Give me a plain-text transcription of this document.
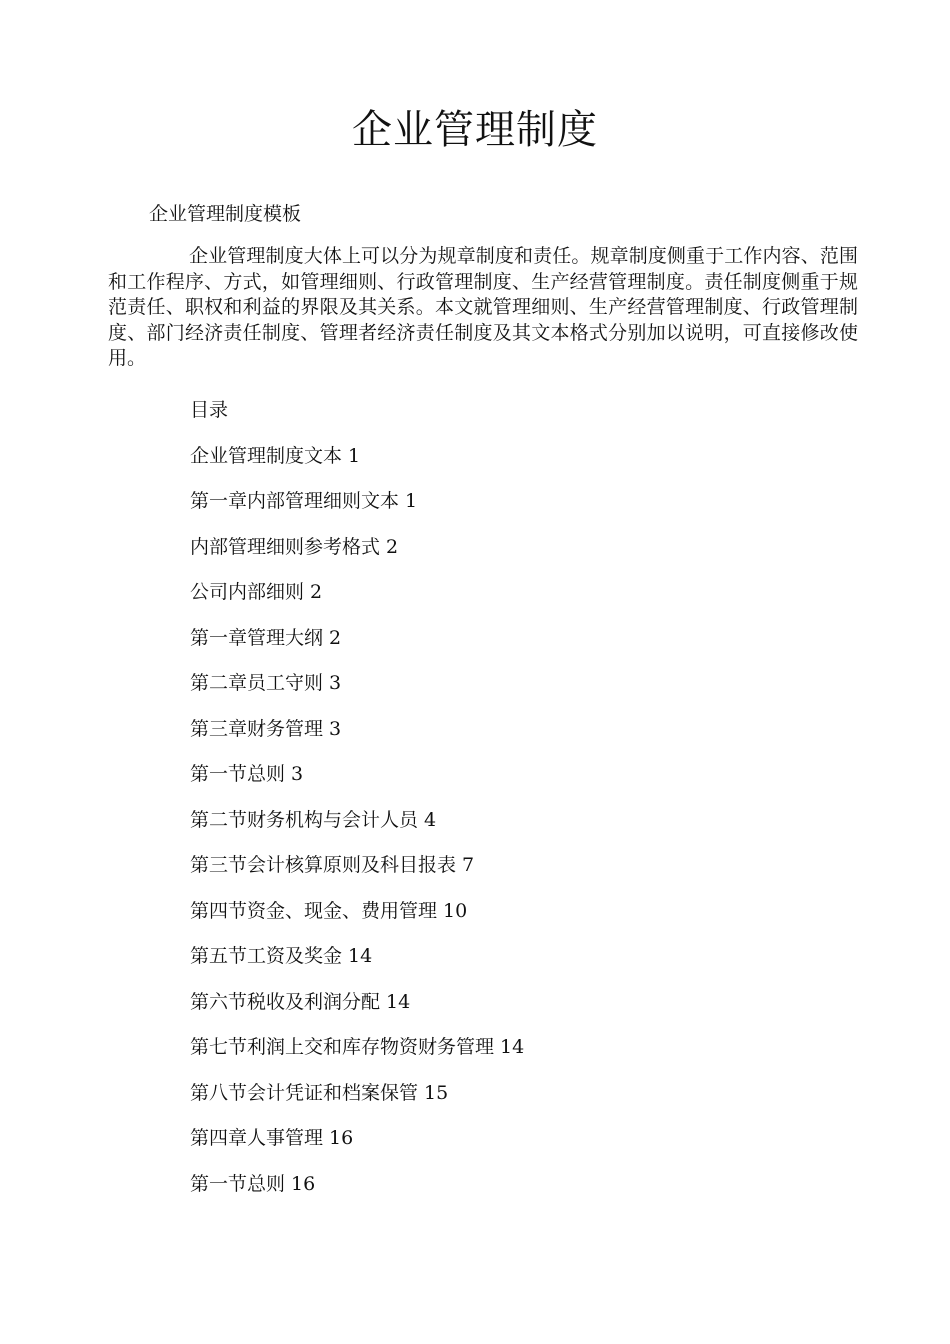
企业管理制度

企业管理制度模板

企业管理制度大体上可以分为规章制度和责任。规章制度侧重于工作内容、范围和工作程序、方式，如管理细则、行政管理制度、生产经营管理制度。责任制度侧重于规范责任、职权和利益的界限及其关系。本文就管理细则、生产经营管理制度、行政管理制度、部门经济责任制度、管理者经济责任制度及其文本格式分别加以说明，可直接修改使用。

目录

企业管理制度文本 1
第一章内部管理细则文本 1
内部管理细则参考格式 2
公司内部细则 2
第一章管理大纲 2
第二章员工守则 3
第三章财务管理 3
第一节总则 3
第二节财务机构与会计人员 4
第三节会计核算原则及科目报表 7
第四节资金、现金、费用管理 10
第五节工资及奖金 14
第六节税收及利润分配 14
第七节利润上交和库存物资财务管理 14
第八节会计凭证和档案保管 15
第四章人事管理 16
第一节总则 16
